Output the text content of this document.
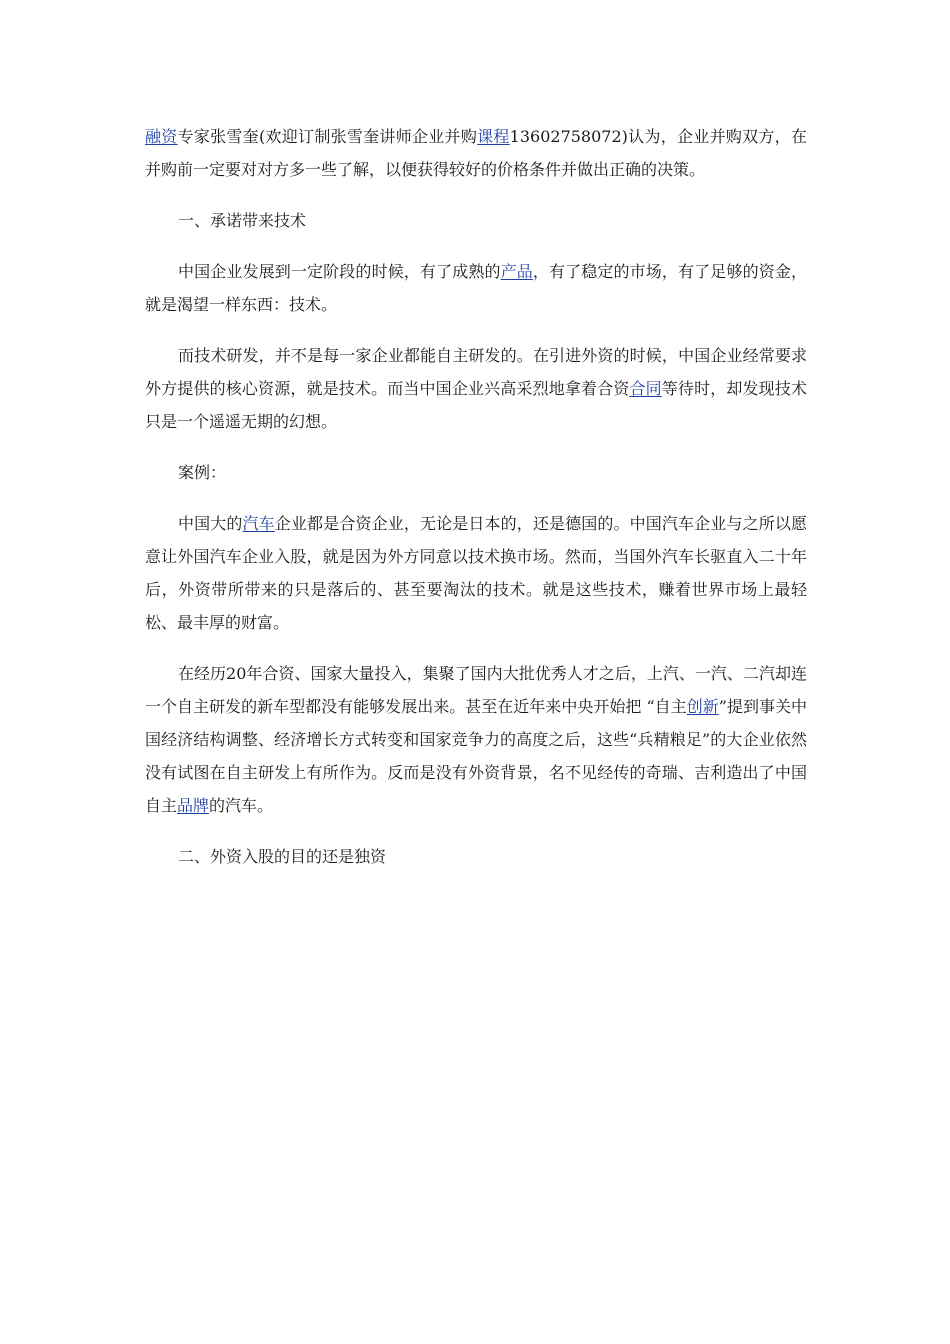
融资专家张雪奎(欢迎订制张雪奎讲师企业并购课程13602758072)认为，企业并购双方，在并购前一定要对对方多一些了解，以便获得较好的价格条件并做出正确的决策。

一、承诺带来技术

中国企业发展到一定阶段的时候，有了成熟的产品，有了稳定的市场，有了足够的资金，就是渴望一样东西：技术。

而技术研发，并不是每一家企业都能自主研发的。在引进外资的时候，中国企业经常要求外方提供的核心资源，就是技术。而当中国企业兴高采烈地拿着合资合同等待时，却发现技术只是一个遥遥无期的幻想。

案例：

中国大的汽车企业都是合资企业，无论是日本的，还是德国的。中国汽车企业与之所以愿意让外国汽车企业入股，就是因为外方同意以技术换市场。然而，当国外汽车长驱直入二十年后，外资带所带来的只是落后的、甚至要淘汰的技术。就是这些技术，赚着世界市场上最轻松、最丰厚的财富。

在经历20年合资、国家大量投入，集聚了国内大批优秀人才之后，上汽、一汽、二汽却连一个自主研发的新车型都没有能够发展出来。甚至在近年来中央开始把 “自主创新”提到事关中国经济结构调整、经济增长方式转变和国家竞争力的高度之后，这些“兵精粮足”的大企业依然没有试图在自主研发上有所作为。反而是没有外资背景，名不见经传的奇瑞、吉利造出了中国自主品牌的汽车。

二、外资入股的目的还是独资
